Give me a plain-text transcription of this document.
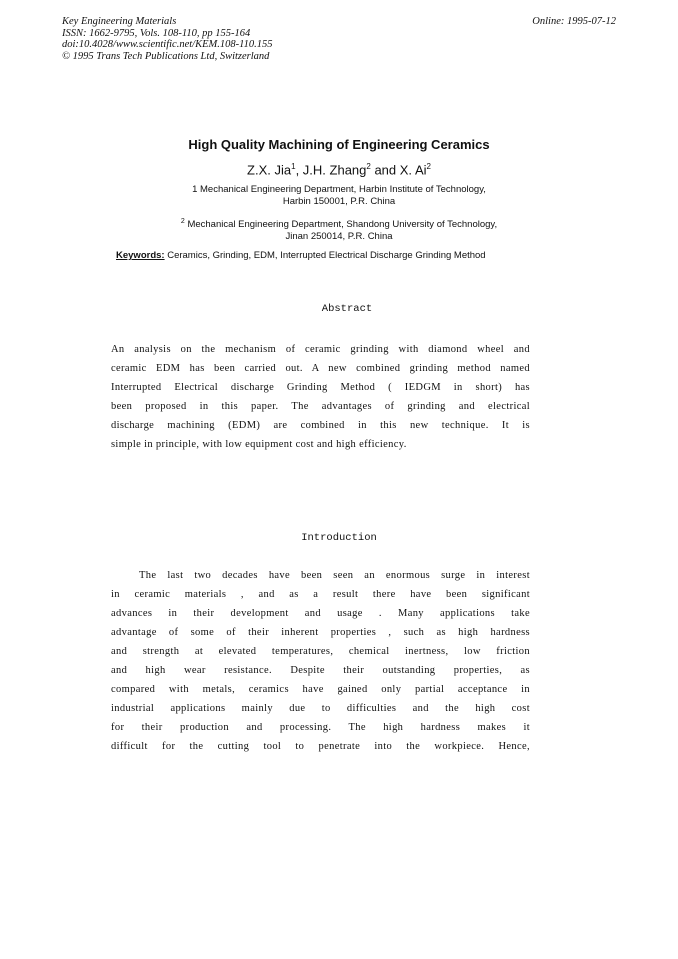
Key Engineering Materials
ISSN: 1662-9795, Vols. 108-110, pp 155-164
doi:10.4028/www.scientific.net/KEM.108-110.155
© 1995 Trans Tech Publications Ltd, Switzerland
Online: 1995-07-12
High Quality Machining of Engineering Ceramics
Z.X. Jia$^1$, J.H. Zhang$^2$ and X. Ai$^2$
1 Mechanical Engineering Department, Harbin Institute of Technology,
Harbin 150001, P.R. China
$^2$ Mechanical Engineering Department, Shandong University of Technology,
Jinan 250014, P.R. China
Keywords: Ceramics, Grinding, EDM, Interrupted Electrical Discharge Grinding Method
Abstract
An analysis on the mechanism of ceramic grinding with diamond wheel and
ceramic EDM has been carried out. A new combined grinding method named
Interrupted Electrical discharge Grinding Method ( IEDGM in short) has
been proposed in this paper. The advantages of grinding and electrical
discharge machining (EDM) are combined in this new technique. It is
simple in principle, with low equipment cost and high efficiency.
Introduction
The last two decades have been seen an enormous surge in interest
in ceramic materials , and as a result there have been significant
advances in their development and usage . Many applications take
advantage of some of their inherent properties , such as high hardness
and strength at elevated temperatures, chemical inertness, low friction
and high wear resistance. Despite their outstanding properties, as
compared with metals, ceramics have gained only partial acceptance in
industrial applications mainly due to difficulties and the high cost
for their production and processing. The high hardness makes it
difficult for the cutting tool to penetrate into the workpiece. Hence,
